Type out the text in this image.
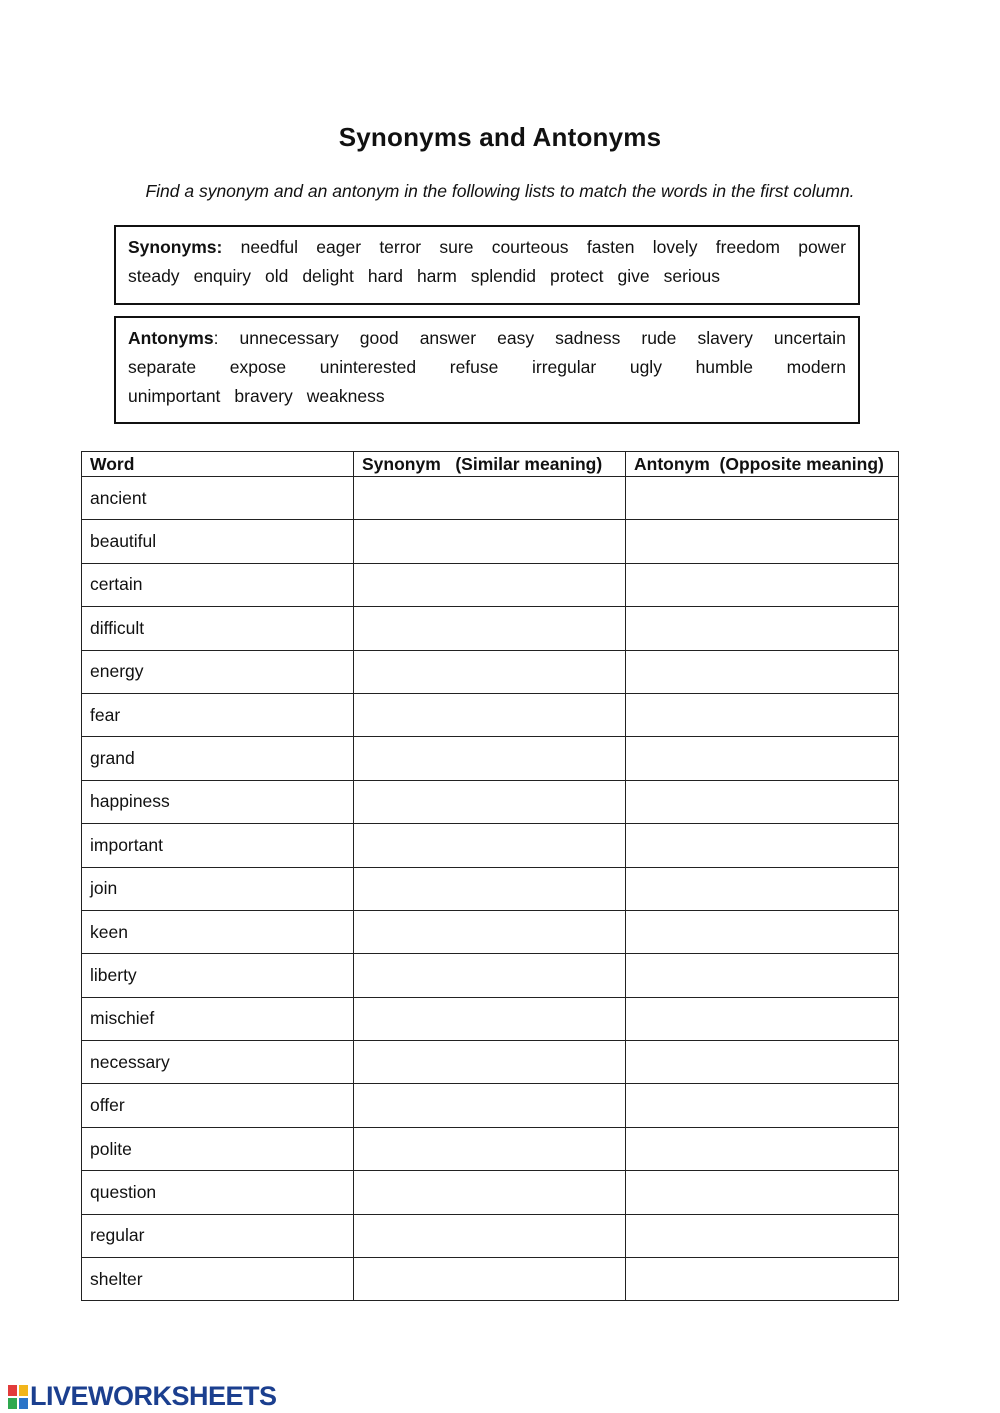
Synonyms and Antonyms
Find a synonym and an antonym in the following lists to match the words in the first column.
Synonyms: needful eager terror sure courteous fasten lovely freedom power
steady enquiry old delight hard harm splendid protect give serious
Antonyms: unnecessary good answer easy sadness rude slavery uncertain
separate expose uninterested refuse irregular ugly humble modern
unimportant bravery weakness
Word	Synonym   (Similar meaning)	Antonym  (Opposite meaning)
ancient		
beautiful		
certain		
difficult		
energy		
fear		
grand		
happiness		
important		
join		
keen		
liberty		
mischief		
necessary		
offer		
polite		
question		
regular		
shelter		
LIVEWORKSHEETS
